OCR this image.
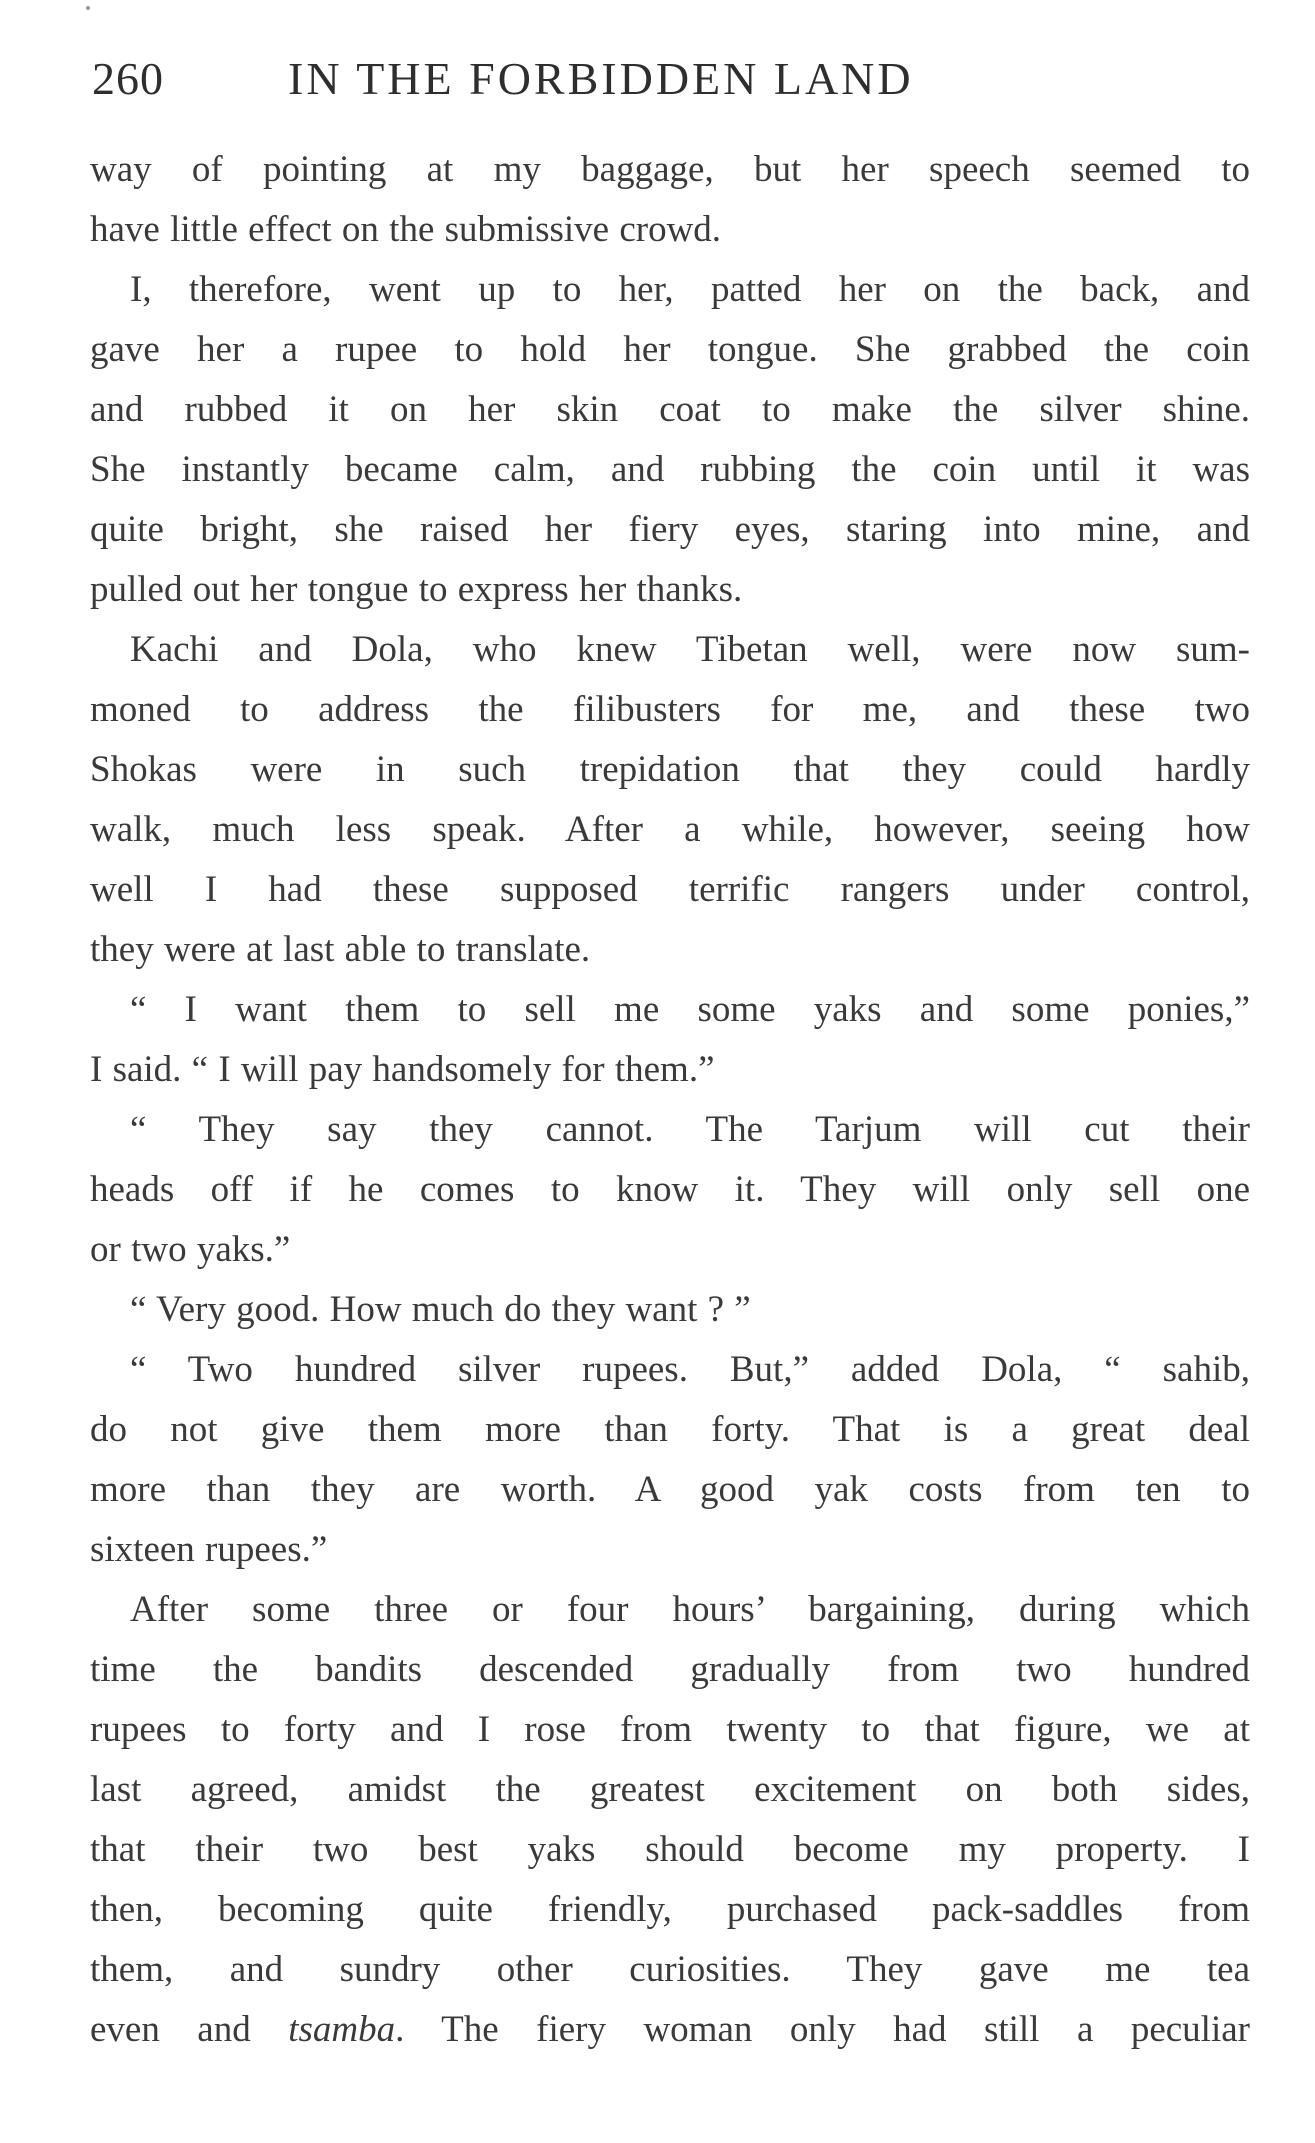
260	IN THE FORBIDDEN LAND
way of pointing at my baggage, but her speech seemed to
have little effect on the submissive crowd.
I, therefore, went up to her, patted her on the back, and
gave her a rupee to hold her tongue. She grabbed the coin
and rubbed it on her skin coat to make the silver shine.
She instantly became calm, and rubbing the coin until it was
quite bright, she raised her fiery eyes, staring into mine, and
pulled out her tongue to express her thanks.
Kachi and Dola, who knew Tibetan well, were now sum-
moned to address the filibusters for me, and these two
Shokas were in such trepidation that they could hardly
walk, much less speak. After a while, however, seeing how
well I had these supposed terrific rangers under control,
they were at last able to translate.
“ I want them to sell me some yaks and some ponies,”
I said. “ I will pay handsomely for them.”
“ They say they cannot. The Tarjum will cut their
heads off if he comes to know it. They will only sell one
or two yaks.”
“ Very good. How much do they want ? ”
“ Two hundred silver rupees. But,” added Dola, “ sahib,
do not give them more than forty. That is a great deal
more than they are worth. A good yak costs from ten to
sixteen rupees.”
After some three or four hours’ bargaining, during which
time the bandits descended gradually from two hundred
rupees to forty and I rose from twenty to that figure, we at
last agreed, amidst the greatest excitement on both sides,
that their two best yaks should become my property. I
then, becoming quite friendly, purchased pack-saddles from
them, and sundry other curiosities. They gave me tea
even and tsamba. The fiery woman only had still a peculiar
